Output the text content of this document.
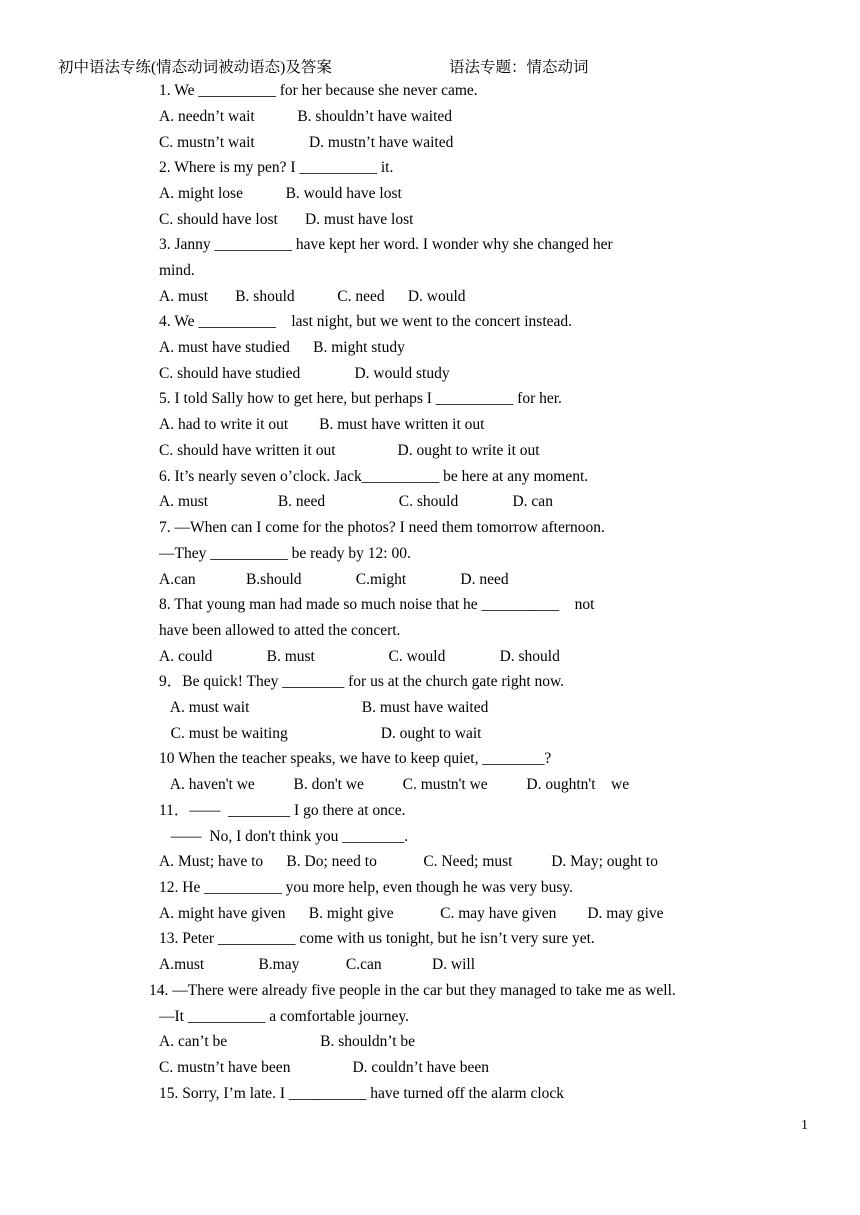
初中语法专练(情态动词被动语态)及答案	语法专题：情态动词
1. We __________ for her because she never came.
A. needn’t wait           B. shouldn’t have waited
C. mustn’t wait              D. mustn’t have waited
2. Where is my pen? I __________ it.
A. might lose           B. would have lost
C. should have lost       D. must have lost
3. Janny __________ have kept her word. I wonder why she changed her
mind.
A. must       B. should           C. need      D. would
4. We __________    last night, but we went to the concert instead.
A. must have studied      B. might study
C. should have studied              D. would study
5. I told Sally how to get here, but perhaps I __________ for her.
A. had to write it out        B. must have written it out
C. should have written it out                D. ought to write it out
6. It’s nearly seven o’clock. Jack__________ be here at any moment.
A. must                  B. need                   C. should              D. can
7. —When can I come for the photos? I need them tomorrow afternoon.
—They __________ be ready by 12: 00.
A.can             B.should              C.might              D. need
8. That young man had made so much noise that he __________    not
have been allowed to atted the concert.
A. could              B. must                   C. would              D. should
9．Be quick! They ________ for us at the church gate right now.
A. must wait                             B. must have waited
C. must be waiting                        D. ought to wait
10 When the teacher speaks, we have to keep quiet, ________?
A. haven't we          B. don't we          C. mustn't we          D. oughtn't    we
11．——  ________ I go there at once.
——  No, I don't think you ________.
A. Must; have to      B. Do; need to            C. Need; must          D. May; ought to
12. He __________ you more help, even though he was very busy.
A. might have given      B. might give            C. may have given        D. may give
13. Peter __________ come with us tonight, but he isn’t very sure yet.
A.must              B.may            C.can             D. will
14. —There were already five people in the car but they managed to take me as well.
—It __________ a comfortable journey.
A. can’t be                        B. shouldn’t be
C. mustn’t have been                D. couldn’t have been
15. Sorry, I’m late. I __________ have turned off the alarm clock
1
